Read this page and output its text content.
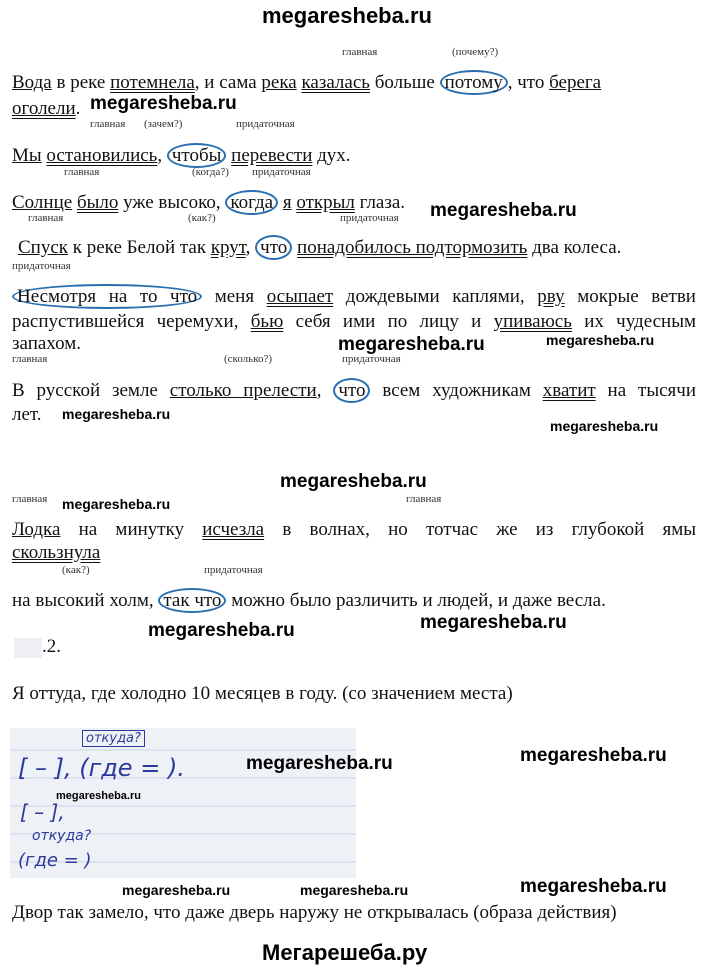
megaresheba.ru
главная	(почему?)
Вода в реке потемнела, и сама река казалась больше потому , что берега
оголели. megaresheba.ru
главная (зачем?)	придаточная
Мы остановились, чтобы перевести дух.
главная	(когда?) придаточная
Солнце было уже высоко, когда я открыл глаза. megaresheba.ru
главная	(как?)	придаточная
Спуск к реке Белой так крут, что понадобилось подтормозить два колеса.
придаточная
Несмотря на то что меня осыпает дождевыми каплями, рву мокрые ветви
распустившейся черемухи, бью себя ими по лицу и упиваюсь их чудесным
запахом.	megaresheba.ru
megaresheba.ru
главная	(сколько?)	придаточная
В русской земле столько прелести, что всем художникам хватит на тысячи
лет. megaresheba.ru
megaresheba.ru
megaresheba.ru
главная megaresheba.ru	главная
Лодка на минутку исчезла в волнах, но тотчас же из глубокой ямы
скользнула
(как?)	придаточная
на высокий холм, так что можно было различить и людей, и даже весла.
megaresheba.ru	megaresheba.ru
.2.
Я оттуда, где холодно 10 месяцев в году. (со значением места)
откуда?
[ – ], (где = ).
[ – ],
откуда?
(где = )
megaresheba.ru
megaresheba.ru	megaresheba.ru
megaresheba.ru	megaresheba.ru	megaresheba.ru
Двор так замело, что даже дверь наружу не открывалась (образа действия)
Мегарешеба.ру
